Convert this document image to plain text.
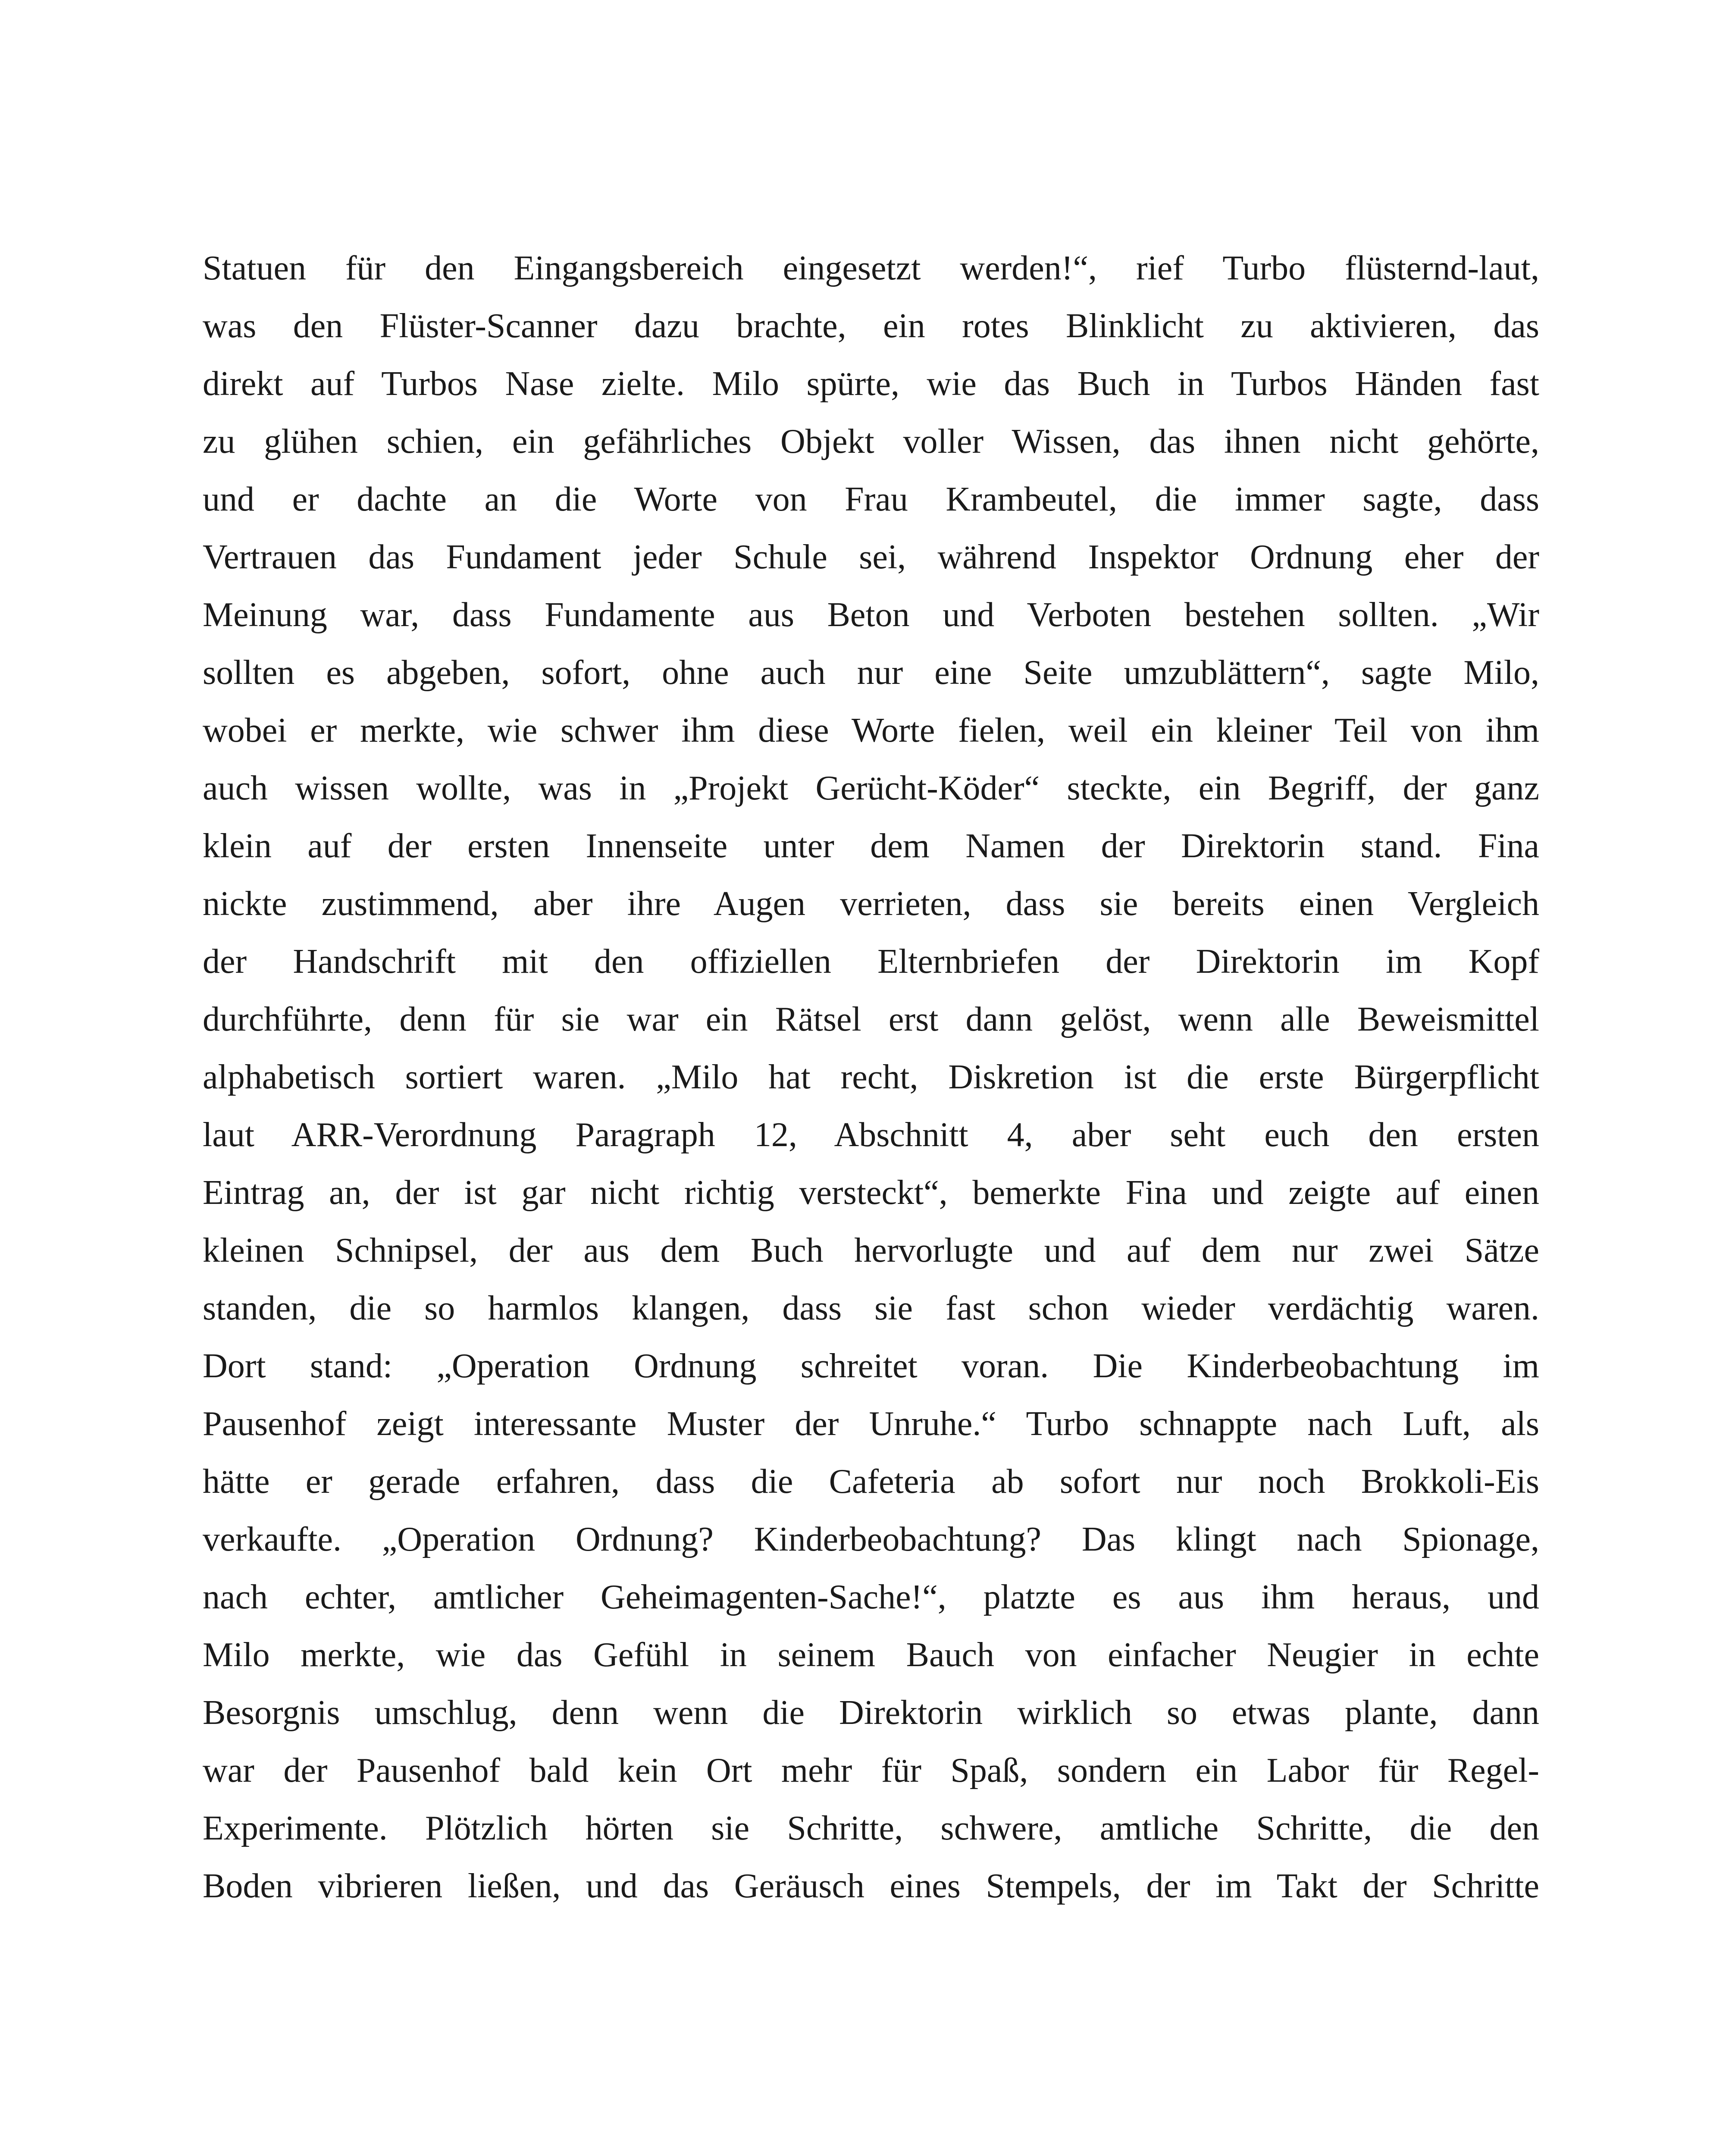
Statuen für den Eingangsbereich eingesetzt werden!“, rief Turbo flüsternd-laut,
was den Flüster-Scanner dazu brachte, ein rotes Blinklicht zu aktivieren, das
direkt auf Turbos Nase zielte. Milo spürte, wie das Buch in Turbos Händen fast
zu glühen schien, ein gefährliches Objekt voller Wissen, das ihnen nicht gehörte,
und er dachte an die Worte von Frau Krambeutel, die immer sagte, dass
Vertrauen das Fundament jeder Schule sei, während Inspektor Ordnung eher der
Meinung war, dass Fundamente aus Beton und Verboten bestehen sollten. „Wir
sollten es abgeben, sofort, ohne auch nur eine Seite umzublättern“, sagte Milo,
wobei er merkte, wie schwer ihm diese Worte fielen, weil ein kleiner Teil von ihm
auch wissen wollte, was in „Projekt Gerücht-Köder“ steckte, ein Begriff, der ganz
klein auf der ersten Innenseite unter dem Namen der Direktorin stand. Fina
nickte zustimmend, aber ihre Augen verrieten, dass sie bereits einen Vergleich
der Handschrift mit den offiziellen Elternbriefen der Direktorin im Kopf
durchführte, denn für sie war ein Rätsel erst dann gelöst, wenn alle Beweismittel
alphabetisch sortiert waren. „Milo hat recht, Diskretion ist die erste Bürgerpflicht
laut ARR-Verordnung Paragraph 12, Abschnitt 4, aber seht euch den ersten
Eintrag an, der ist gar nicht richtig versteckt“, bemerkte Fina und zeigte auf einen
kleinen Schnipsel, der aus dem Buch hervorlugte und auf dem nur zwei Sätze
standen, die so harmlos klangen, dass sie fast schon wieder verdächtig waren.
Dort stand: „Operation Ordnung schreitet voran. Die Kinderbeobachtung im
Pausenhof zeigt interessante Muster der Unruhe.“ Turbo schnappte nach Luft, als
hätte er gerade erfahren, dass die Cafeteria ab sofort nur noch Brokkoli-Eis
verkaufte. „Operation Ordnung? Kinderbeobachtung? Das klingt nach Spionage,
nach echter, amtlicher Geheimagenten-Sache!“, platzte es aus ihm heraus, und
Milo merkte, wie das Gefühl in seinem Bauch von einfacher Neugier in echte
Besorgnis umschlug, denn wenn die Direktorin wirklich so etwas plante, dann
war der Pausenhof bald kein Ort mehr für Spaß, sondern ein Labor für Regel-
Experimente. Plötzlich hörten sie Schritte, schwere, amtliche Schritte, die den
Boden vibrieren ließen, und das Geräusch eines Stempels, der im Takt der Schritte
